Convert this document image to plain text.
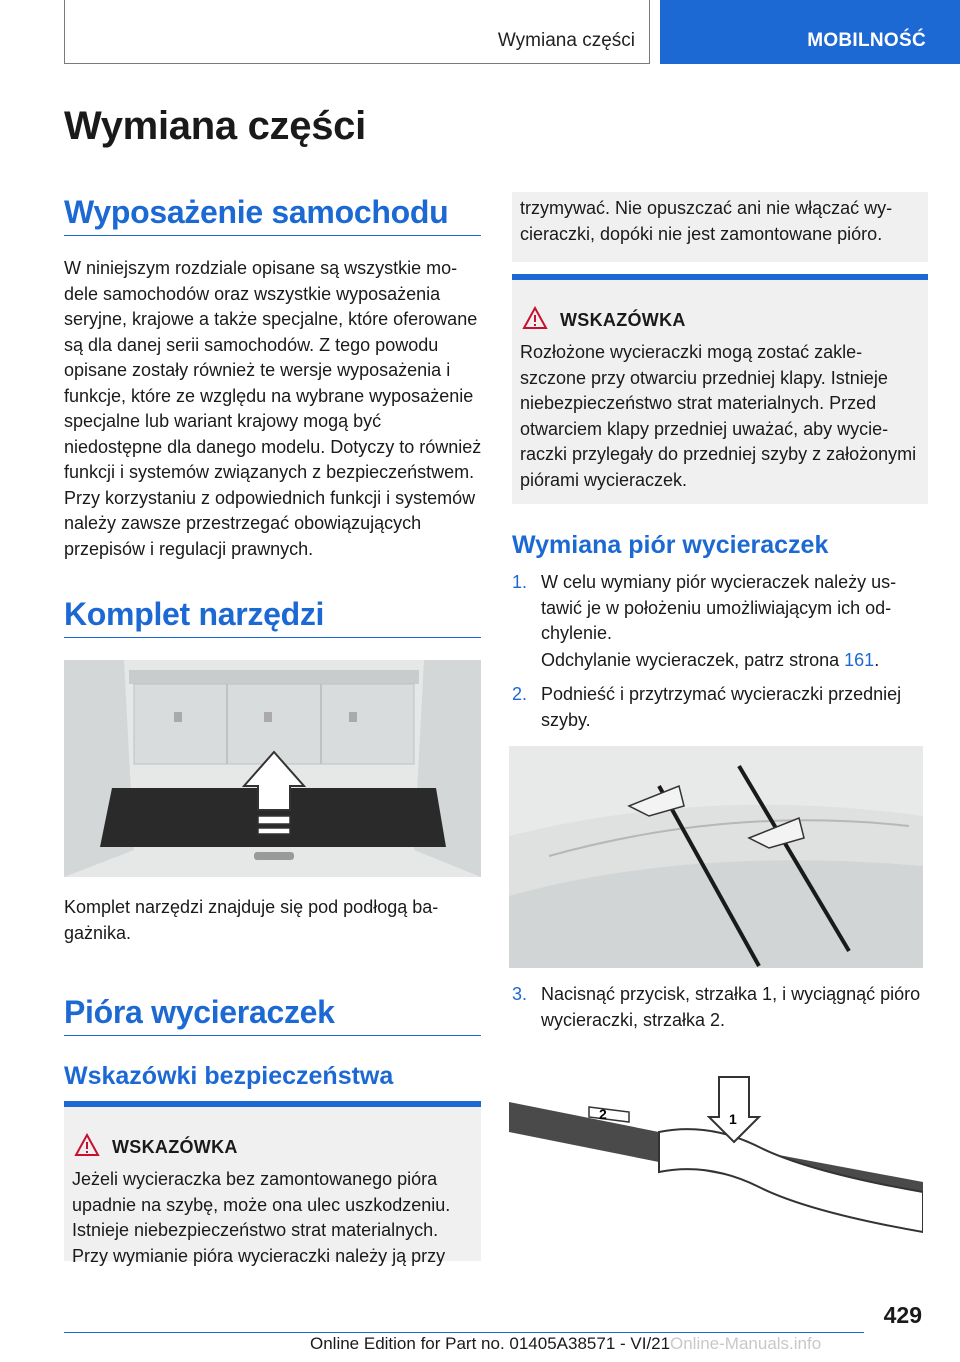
Wymiana części	MOBILNOŚĆ
Wymiana części
Wyposażenie samochodu

W niniejszym rozdziale opisane są wszystkie modele samochodów oraz wszystkie wyposażenia seryjne, krajowe a także specjalne, które oferowane są dla danej serii samochodów. Z tego powodu opisane zostały również te wersje wyposażenia i funkcje, które ze względu na wybrane wyposażenie specjalne lub wariant krajowy mogą być niedostępne dla danego modelu. Dotyczy to również funkcji i systemów związanych z bezpieczeństwem. Przy korzystaniu z odpowiednich funkcji i systemów należy zawsze przestrzegać obowiązujących przepisów i regulacji prawnych.

Komplet narzędzi

Komplet narzędzi znajduje się pod podłogą bagażnika.

Pióra wycieraczek
Wskazówki bezpieczeństwa
WSKAZÓWKA

Jeżeli wycieraczka bez zamontowanego pióra upadnie na szybę, może ona ulec uszkodzeniu. Istnieje niebezpieczeństwo strat materialnych. Przy wymianie pióra wycieraczki należy ją przy

trzymywać. Nie opuszczać ani nie włączać wycieraczki, dopóki nie jest zamontowane pióro.

WSKAZÓWKA

Rozłożone wycieraczki mogą zostać zakleszczone przy otwarciu przedniej klapy. Istnieje niebezpieczeństwo strat materialnych. Przed otwarciem klapy przedniej uważać, aby wycieraczki przylegały do przedniej szyby z założonymi piórami wycieraczek.

Wymiana piór wycieraczek
1. W celu wymiany piór wycieraczek należy ustawić je w położeniu umożliwiającym ich odchylenie.
Odchylanie wycieraczek, patrz strona 161.
2. Podnieść i przytrzymać wycieraczki przedniej szyby.
3. Nacisnąć przycisk, strzałka 1, i wyciągnąć pióro wycieraczki, strzałka 2.
2	1
429
Online Edition for Part no. 01405A38571 - VI/21 Online-Manuals.info
